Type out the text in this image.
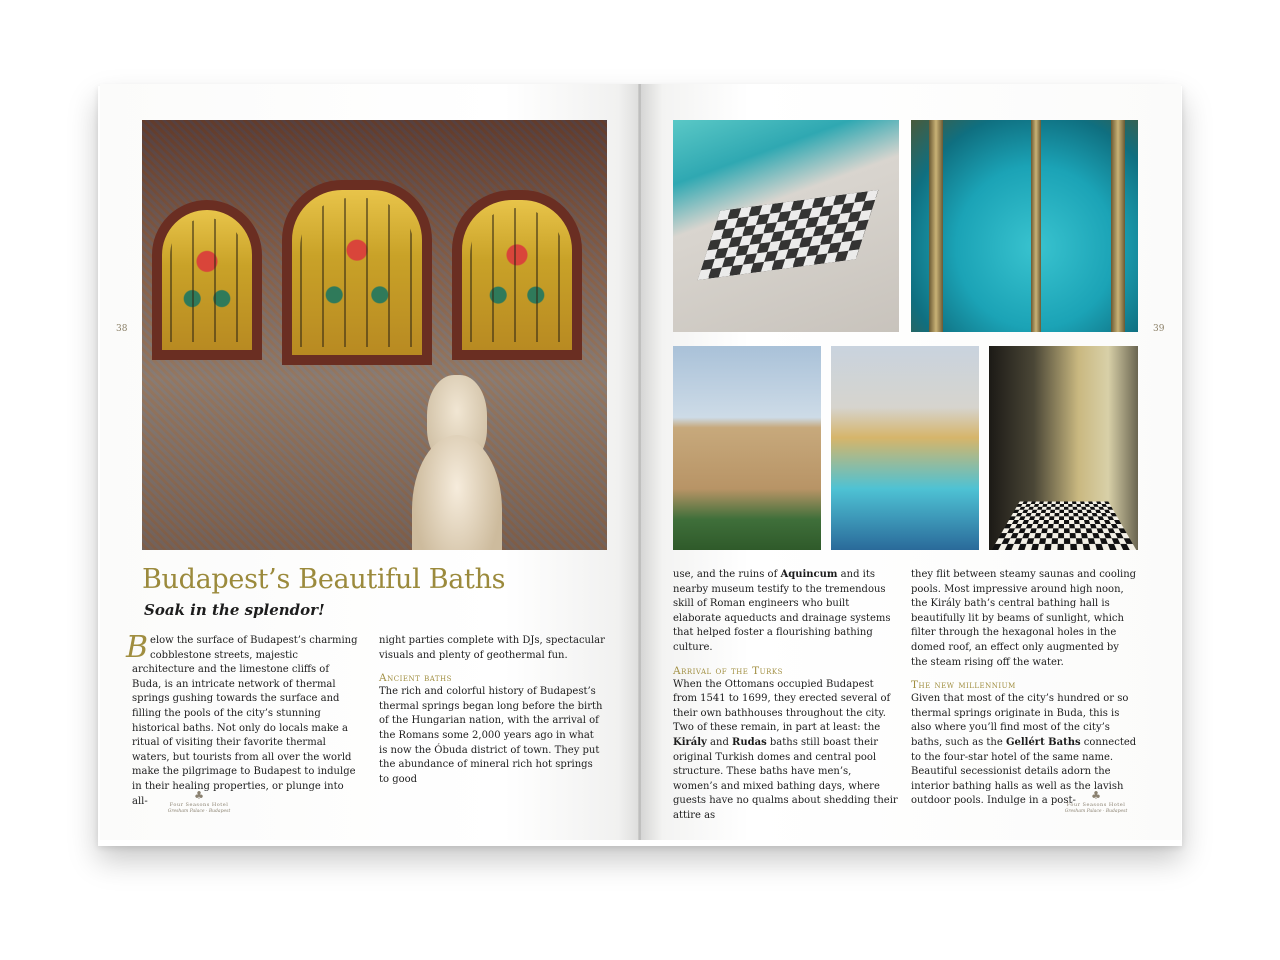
38
Budapest’s Beautiful Baths
Soak in the splendor!

Below the surface of Budapest’s charming cobblestone streets, majestic architecture and the limestone cliffs of Buda, is an intricate network of thermal springs gushing towards the surface and filling the pools of the city’s stunning historical baths. Not only do locals make a ritual of visiting their favorite thermal waters, but tourists from all over the world make the pilgrimage to Budapest to indulge in their healing properties, or plunge into all-

night parties complete with DJs, spectacular visuals and plenty of geothermal fun.

Ancient baths

The rich and colorful history of Budapest’s thermal springs began long before the birth of the Hungarian nation, with the arrival of the Romans some 2,000 years ago in what is now the Óbuda district of town. They put the abundance of mineral rich hot springs to good

♣
Four Seasons Hotel
Gresham Palace · Budapest
39

use, and the ruins of Aquincum and its nearby museum testify to the tremendous skill of Roman engineers who built elaborate aqueducts and drainage systems that helped foster a flourishing bathing culture.

Arrival of the Turks

When the Ottomans occupied Budapest from 1541 to 1699, they erected several of their own bathhouses throughout the city. Two of these remain, in part at least: the Király and Rudas baths still boast their original Turkish domes and central pool structure. These baths have men’s, women’s and mixed bathing days, where guests have no qualms about shedding their attire as

they flit between steamy saunas and cooling pools. Most impressive around high noon, the Király bath’s central bathing hall is beautifully lit by beams of sunlight, which filter through the hexagonal holes in the domed roof, an effect only augmented by the steam rising off the water.

The new millennium

Given that most of the city’s hundred or so thermal springs originate in Buda, this is also where you’ll find most of the city’s baths, such as the Gellért Baths connected to the four-star hotel of the same name. Beautiful secessionist details adorn the interior bathing halls as well as the lavish outdoor pools. Indulge in a post-	♣
Four Seasons Hotel
Gresham Palace · Budapest
